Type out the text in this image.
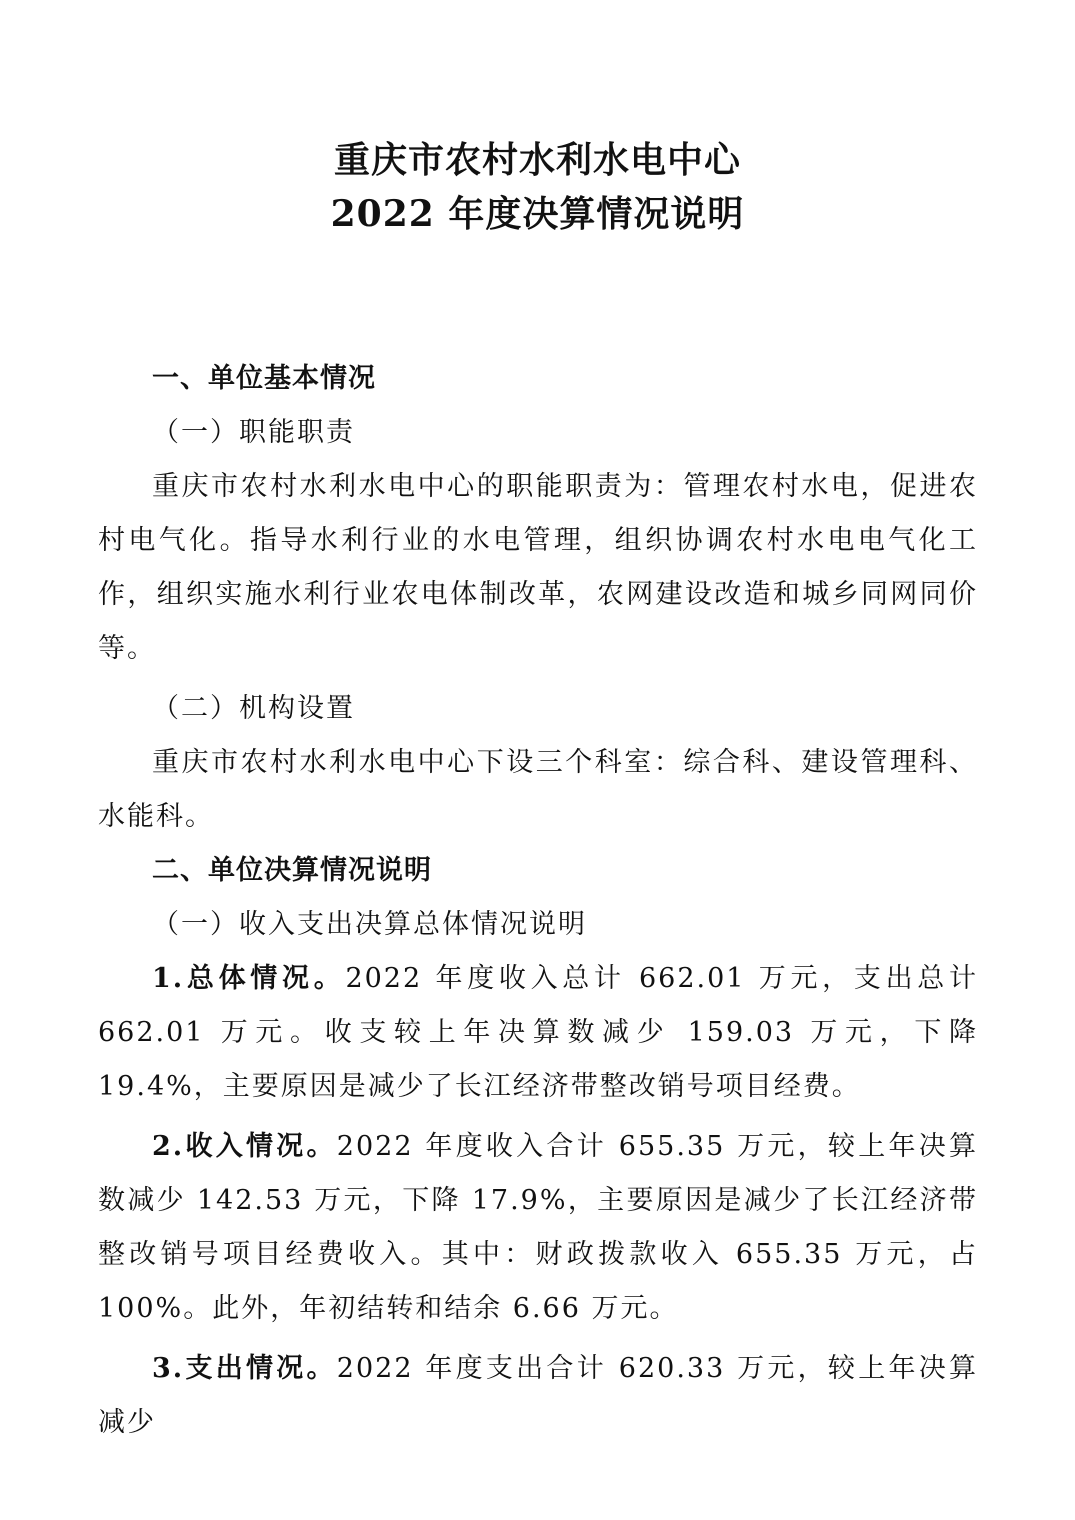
重庆市农村水利水电中心
2022 年度决算情况说明

一、单位基本情况

（一）职能职责

重庆市农村水利水电中心的职能职责为：管理农村水电，促进农村电气化。指导水利行业的水电管理，组织协调农村水电电气化工作，组织实施水利行业农电体制改革，农网建设改造和城乡同网同价等。

（二）机构设置

重庆市农村水利水电中心下设三个科室：综合科、建设管理科、水能科。

二、单位决算情况说明

（一）收入支出决算总体情况说明

1.总体情况。2022 年度收入总计 662.01 万元，支出总计 662.01 万元。收支较上年决算数减少 159.03 万元，下降 19.4%，主要原因是减少了长江经济带整改销号项目经费。

2.收入情况。2022 年度收入合计 655.35 万元，较上年决算数减少 142.53 万元，下降 17.9%，主要原因是减少了长江经济带整改销号项目经费收入。其中：财政拨款收入 655.35 万元，占 100%。此外，年初结转和结余 6.66 万元。

3.支出情况。2022 年度支出合计 620.33 万元，较上年决算减少
